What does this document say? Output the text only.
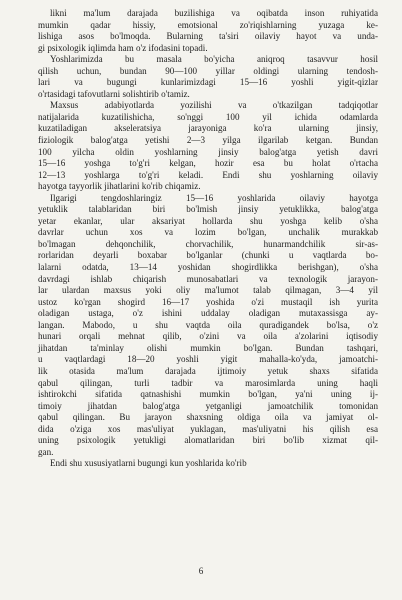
likni ma'lum darajada buzilishiga va oqibatda inson ruhiyatida
mumkin qadar hissiy, emotsional zo'riqishlarning yuzaga ke-
lishiga asos bo'lmoqda. Bularning ta'siri oilaviy hayot va unda-
gi psixologik iqlimda ham o'z ifodasini topadi.

Yoshlarimizda bu masala bo'yicha aniqroq tasavvur hosil
qilish uchun, bundan 90—100 yillar oldingi ularning tendosh-
lari va bugungi kunlarimizdagi 15—16 yoshli yigit-qizlar
o'rtasidagi tafovutlarni solishtirib o'tamiz.

Maxsus adabiyotlarda yozilishi va o'tkazilgan tadqiqotlar
natijalarida kuzatilishicha, so'nggi 100 yil ichida odamlarda
kuzatiladigan akseleratsiya jarayoniga ko'ra ularning jinsiy,
fiziologik balog'atga yetishi 2—3 yilga ilgarilab ketgan. Bundan
100 yilcha oldin yoshlarning jinsiy balog'atga yetish davri
15—16 yoshga to'g'ri kelgan, hozir esa bu holat o'rtacha
12—13 yoshlarga to'g'ri keladi. Endi shu yoshlarning oilaviy
hayotga tayyorlik jihatlarini ko'rib chiqamiz.

Ilgarigi tengdoshlaringiz 15—16 yoshlarida oilaviy hayotga
yetuklik talablaridan biri bo'lmish jinsiy yetuklikka, balog'atga
yetar ekanlar, ular aksariyat hollarda shu yoshga kelib o'sha
davrlar uchun xos va lozim bo'lgan, unchalik murakkab
bo'lmagan dehqonchilik, chorvachilik, hunarmandchilik sir-as-
rorlaridan deyarli boxabar bo'lganlar (chunki u vaqtlarda bo-
lalarni odatda, 13—14 yoshidan shogirdlikka berishgan), o'sha
davrdagi ishlab chiqarish munosabatlari va texnologik jarayon-
lar ulardan maxsus yoki oliy ma'lumot talab qilmagan, 3—4 yil
ustoz ko'rgan shogird 16—17 yoshida o'zi mustaqil ish yurita
oladigan ustaga, o'z ishini uddalay oladigan mutaxassisga ay-
langan. Mabodo, u shu vaqtda oila quradigandek bo'lsa, o'z
hunari orqali mehnat qilib, o'zini va oila a'zolarini iqtisodiy
jihatdan ta'minlay olishi mumkin bo'lgan. Bundan tashqari,
u vaqtlardagi 18—20 yoshli yigit mahalla-ko'yda, jamoatchi-
lik otasida ma'lum darajada ijtimoiy yetuk shaxs sifatida
qabul qilingan, turli tadbir va marosimlarda uning haqli
ishtirokchi sifatida qatnashishi mumkin bo'lgan, ya'ni uning ij-
timoiy jihatdan balog'atga yetganligi jamoatchilik tomonidan
qabul qilingan. Bu jarayon shaxsning oldiga oila va jamiyat ol-
dida o'ziga xos mas'uliyat yuklagan, mas'uliyatni his qilish esa
uning psixologik yetukligi alomatlaridan biri bo'lib xizmat qil-
gan.

Endi shu xususiyatlarni bugungi kun yoshlarida ko'rib

6
